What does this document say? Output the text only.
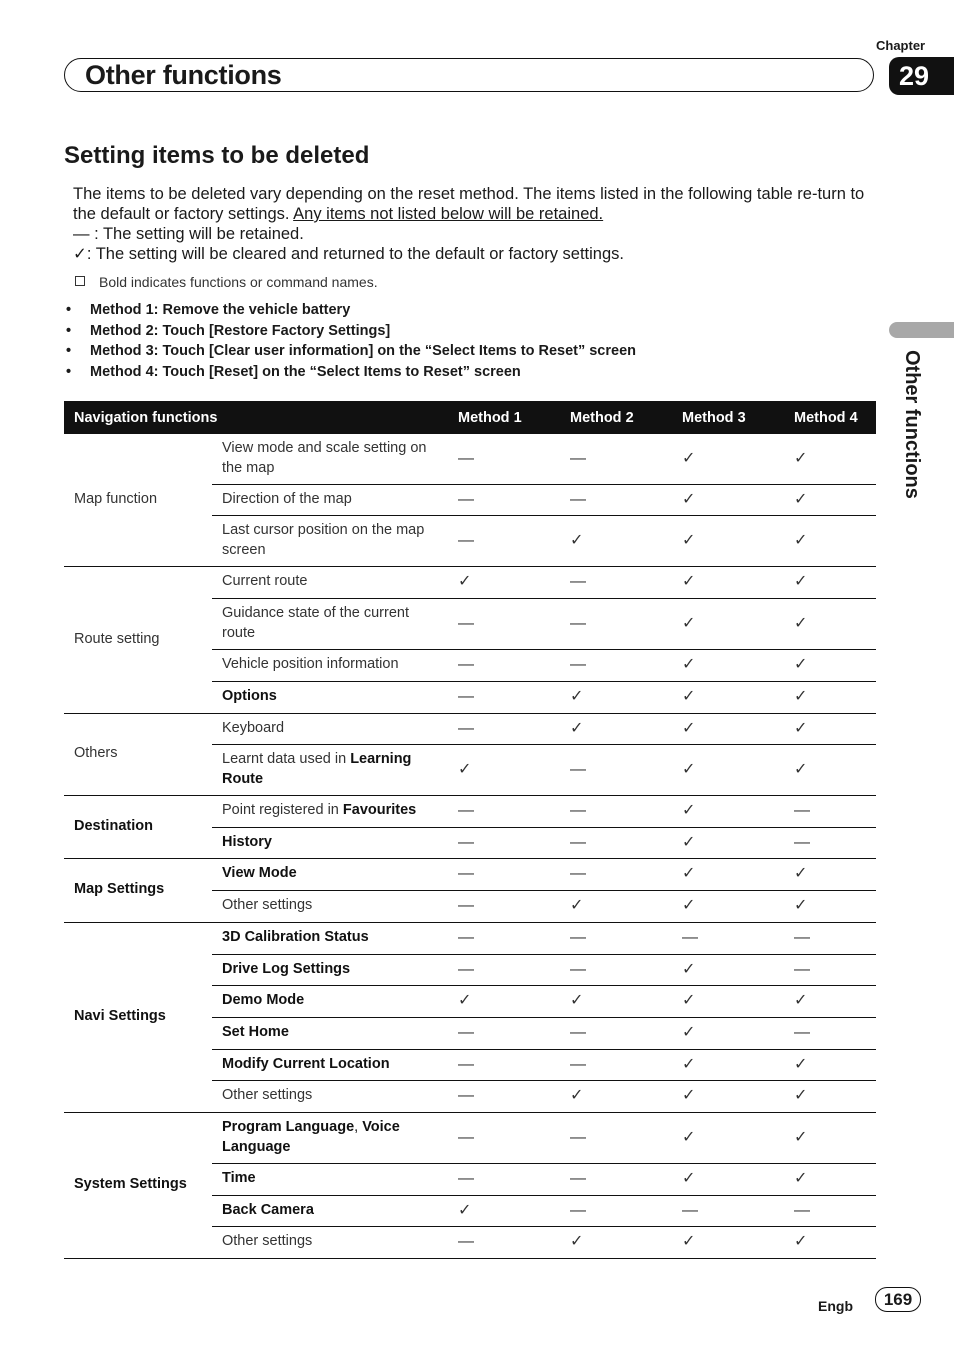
Chapter
29
Other functions
Other functions
Setting items to be deleted

The items to be deleted vary depending on the reset method. The items listed in the following table re-turn to the default or factory settings. Any items not listed below will be retained.

— : The setting will be retained.

✓: The setting will be cleared and returned to the default or factory settings.

Bold indicates functions or command names.
• Method 1: Remove the vehicle battery
• Method 2: Touch [Restore Factory Settings]
• Method 3: Touch [Clear user information] on the “Select Items to Reset” screen
• Method 4: Touch [Reset] on the “Select Items to Reset” screen
Navigation functions		Method 1	Method 2	Method 3	Method 4
Map function	View mode and scale setting on the map	—	—	✓	✓
	Direction of the map	—	—	✓	✓
	Last cursor position on the map screen	—	✓	✓	✓
Route setting	Current route	✓	—	✓	✓
	Guidance state of the current route	—	—	✓	✓
	Vehicle position information	—	—	✓	✓
	Options	—	✓	✓	✓
Others	Keyboard	—	✓	✓	✓
	Learnt data used in Learning Route	✓	—	✓	✓
Destination	Point registered in Favourites	—	—	✓	—
	History	—	—	✓	—
Map Settings	View Mode	—	—	✓	✓
	Other settings	—	✓	✓	✓
Navi Settings	3D Calibration Status	—	—	—	—
	Drive Log Settings	—	—	✓	—
	Demo Mode	✓	✓	✓	✓
	Set Home	—	—	✓	—
	Modify Current Location	—	—	✓	✓
	Other settings	—	✓	✓	✓
System Settings	Program Language, Voice Language	—	—	✓	✓
	Time	—	—	✓	✓
	Back Camera	✓	—	—	—
	Other settings	—	✓	✓	✓
Engb	169
